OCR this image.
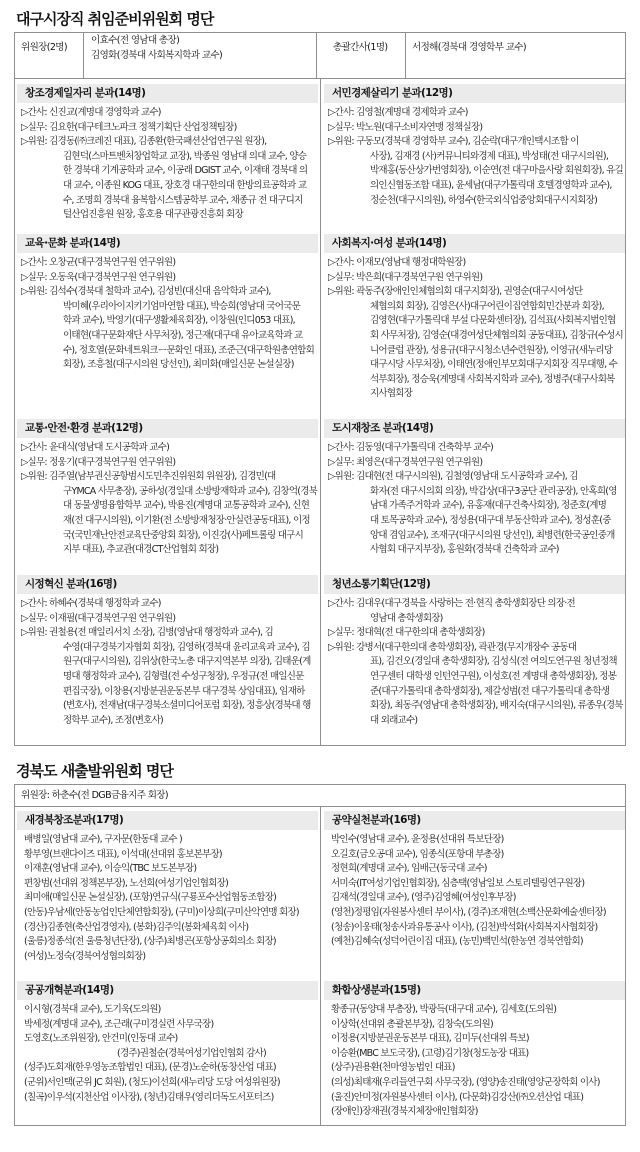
대구시장직 취임준비위원회 명단
위원장(2명)
이효수(전 영남대 총장)
김영화(경북대 사회복지학과 교수)
총괄간사(1명)	서정해(경북대 경영학부 교수)
창조경제일자리 분과(14명)
▷간사: 신진교(계명대 경영학과 교수)
▷실무: 김요한(대구테크노파크 정책기획단 산업정책팀장)
▷위원: 김경동(㈜크레진 대표), 김종환(한국패션산업연구원 원장),
김현덕(스마트벤처창업학교 교장), 박종원 영남대 의대 교수, 양승
한 경북대 기계공학과 교수, 이공래 DGIST 교수, 이재태 경북대 의
대 교수, 이종원 KOG 대표, 장호경 대구한의대 한방의료공학과 교
수, 조명희 경북대 융복합시스템공학부 교수, 채종규 전 대구디지
털산업진흥원 원장, 홍호용 대구관광진흥회 회장
서민경제살리기 분과(12명)
▷간사: 김영철(계명대 경제학과 교수)
▷실무: 박노원(대구소비자연맹 정책실장)
▷위원: 구동모(경북대 경영학부 교수), 김순락(대구개인택시조합 이
사장), 김재경 (사)커뮤니티와경제 대표), 박성태(전 대구시의원),
박재홍(동산상가번영회장), 이순연(전 대구마을사랑 회원회장), 유길
의인신협동조합 대표), 윤세남(대구가톨릭대 호텔경영학과 교수),
정순천(대구시의원), 하영수(한국외식업중앙회대구시지회장)
교육·문화 분과(14명)
▷간사: 오창균(대구경북연구원 연구위원)
▷실무: 오동욱(대구경북연구원 연구위원)
▷위원: 김석수(경북대 철학과 교수), 김성빈(대신대 음악학과 교수),
박미혜(우리아이지키기엄마연합 대표), 박승희(영남대 국어국문
학과 교수), 박영기(대구생활체육회장), 이창원(인디053 대표),
이태현(대구문화재단 사무처장), 정근재(대구대 유아교육학과 교
수), 정호열(문화네트워크ー문화인 대표), 조준근(대구학원총연합회
회장), 조흥철(대구시의원 당선인), 최미화(매일신문 논설실장)
사회복지·여성 분과(14명)
▷간사: 이재모(영남대 행정대학원장)
▷실무: 박은희(대구경북연구원 연구위원)
▷위원: 곽동주(장애인인체협의회 대구지회장), 권영순(대구시여성단
체협의회 회장), 김영은(사)대구어린이집연합회민간분과 회장),
김영현(대구가톨릭대 부설 다문화센터장), 김석표(사회복지법인협
회 사무처장), 김영순(대경여성단체협의회 공동대표), 김창규(수성시
니어클럽 관장), 성용규(대구시청소년수련원장), 이영규(새누리당
대구시당 사무처장), 이태연(정애인부모회대구지회장 직무대행, 수
석부회장), 정승욱(계명대 사회복지학과 교수), 정병주(대구사회복
지사협회장
교통·안전·환경 분과(12명)
▷간사: 윤대식(영남대 도시공학과 교수)
▷실무: 정웅기(대구경북연구원 연구위원)
▷위원: 김주열(남부권신공항범시도민추진위원회 위원장), 김경민(대
구YMCA 사무총장), 공하성(경일대 소방방재학과 교수), 김창억(경북
대 동물생명융합학부 교수), 박용진(계명대 교통공학과 교수), 신현
재(전 대구시의원), 이기환(전 소방방재청장·안실련공동대표), 이정
국(국민재난안전교육단중앙회 회장), 이진강(사)페트롤링 대구시
지부 대표), 추교관(대경CT산업협회 회장)
도시재창조 분과(14명)
▷간사: 김동영(대구가톨릭대 건축학부 교수)
▷실무: 최영은(대구경북연구원 연구위원)
▷위원: 김대현(전 대구시의원), 김철영(영남대 도시공학과 교수), 김
화자(전 대구시의회 의장), 박갑상(대구3공단 관리공장), 안혹희(영
남대 가족주거학과 교수), 유홍재(대구건축사회장), 정준호(계명
대 토목공학과 교수), 정성용(대구대 부동산학과 교수), 정성훈(중
앙대 겸임교수), 조재구(대구시의원 당선인), 최병련(한국공인중개
사협회 대구지부장), 홍원화(경북대 건축학과 교수)
시정혁신 분과(16명)
▷간사: 하혜수(경북대 행정학과 교수)
▷실무: 이재필(대구경북연구원 연구위원)
▷위원: 권철용(전 매일리서치 소장), 김병(영남대 행정학과 교수), 김
수영(대구경북기자협회 회장), 김영하(경북대 윤리교육과 교수), 김
원구(대구시의원), 김위상(한국노총 대구지역본부 의장), 김태운(계
명대 행정학과 교수), 김형렬(전 수성구청장), 우정규(전 매일신문
편집국장), 이창용(지방분권운동본부 대구경북 상임대표), 임재하
(변호사), 전재남(대구경북소셜미디어포럼 회장), 정흥상(경북대 행
정학부 교수), 조정(변호사)
청년소통기획단(12명)
▷간사: 김대우(대구경북을 사랑하는 전·현직 총학생회장단 의장·전
영남대 총학생회장)
▷실무: 정대혁(전 대구한의대 총학생회장)
▷위원: 강병서(대구한의대 총학생회장), 곽관경(무지개장수 공동대
표), 김건오(경일대 총학생회장), 김성식(전 여의도연구원 청년정책
연구센터 대학생 인턴연구원), 이성호(전 계명대 총학생회장), 정봉
준(대구가톨릭대 총학생회장), 제갈성범(전 대구가톨릭대 총학생
회장), 최동주(영남대 총학생회장), 배지숙(대구시의원), 류종우(경북
대 외래교수)
경북도 새출발위원회 명단
위원장: 하춘수(전 DGB금융지주 회장)
새경북창조분과(17명)
배병일(영남대 교수), 구자문(한동대 교수 )
황부영(브랜다이즈 대표), 이석대(선대위 홍보본부장)
이재훈(영남대 교수), 이승익(TBC 보도본부장)
편창범(선대위 정책본부장), 노선희(여성기업인협회장)
최미애(매일신문 논설실장), (포항)연규식(구룡포수산업협동조합장)
(안동)우남세(안동농업인단체연합회장), (구미)이상희(구미산악연맹 회장)
(경산)김종현(축산업경영자), (봉화)김주익(봉화체육회 이사)
(울릉)정종석(전 울릉청년단장), (상주)최병곤(포항상공회의소 회장)
(여성)노정숙(경북여성협의회장)
공약실천분과(16명)
박인수(영남대 교수), 윤정용(선대위 특보단장)
오길호(금오공대 교수), 임종식(포항대 부총장)
정현희(계명대 교수), 임배근(동국대 교수)
서미숙(IT여성기업인협회장), 심층택(영남일보 스토리텔링연구원장)
김재석(경일대 교수), (영주)김영혜(여성인후부장)
(영천)정평임(자원봉사센터 부이사), (경주)조재현(소백산문화예술센터장)
(청송)이웅태(청송사과유통공사 이사), (김천)박석화(사회복지사협회장)
(예천)김혜숙(성덕어린이집 대표), (농민)백민석(한농연 경북연합회)
공공개혁분과(14명)
이시형(경북대 교수), 도기욱(도의원)
박세정(계명대 교수), 조근래(구미경실련 사무국장)
도영호(노조위원장), 안건미(인동대 교수)
(경주)권철순(경북여성기업인협회 감사)
(성주)도회재(한우영농조합법인 대표), (문경)노순하(동창산업 대표)
(군위)서인택(군위 JC 회원), (청도)이선희(새누리당 도당 여성위원장)
(칠곡)이우석(지천산업 이사장), (청년)김태우(영리더독도서포터즈)
화합상생분과(15명)
황종규(동양대 부총장), 박광득(대구대 교수), 김세호(도의원)
이상학(선대위 총괄본부장), 김창숙(도의원)
이정용(지방분권운동본부 대표), 김미두(선대위 특보)
이승환(MBC 보도국장), (고령)김기창(청도농장 대표)
(상주)권용환(천마영농법인 대표)
(의성)최태재(우리들연구회 사무국장), (영양)송진태(영양군장학회 이사)
(울진)안미정(자원봉사센터 이사), (다문화)김강산(㈜오션산업 대표)
(장애인)장재권(경북지체장애인협회장)
